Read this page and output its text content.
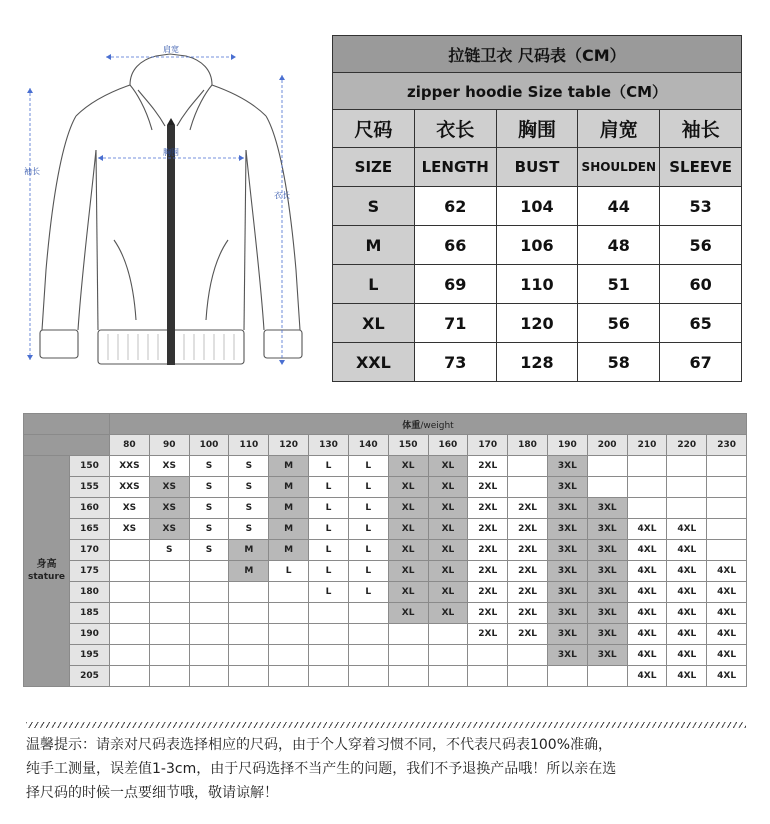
肩宽
胸围
袖长
衣长
拉链卫衣 尺码表（CM）				
zipper hoodie Size table（CM）				
尺码	衣长	胸围	肩宽	袖长
SIZE	LENGTH	BUST	SHOULDEN	SLEEVE
S	62	104	44	53
M	66	106	48	56
L	69	110	51	60
XL	71	120	56	65
XXL	73	128	58	67
		体重/weight															
		80	90	100	110	120	130	140	150	160	170	180	190	200	210	220	230

身高
stature	150	XXS	XS	S	S	M	L	L	XL	XL	2XL		3XL				
	155	XXS	XS	S	S	M	L	L	XL	XL	2XL		3XL				
	160	XS	XS	S	S	M	L	L	XL	XL	2XL	2XL	3XL	3XL			
	165	XS	XS	S	S	M	L	L	XL	XL	2XL	2XL	3XL	3XL	4XL	4XL	
	170		S	S	M	M	L	L	XL	XL	2XL	2XL	3XL	3XL	4XL	4XL	
	175				M	L	L	L	XL	XL	2XL	2XL	3XL	3XL	4XL	4XL	4XL
	180						L	L	XL	XL	2XL	2XL	3XL	3XL	4XL	4XL	4XL
	185								XL	XL	2XL	2XL	3XL	3XL	4XL	4XL	4XL
	190										2XL	2XL	3XL	3XL	4XL	4XL	4XL
	195												3XL	3XL	4XL	4XL	4XL
	205														4XL	4XL	4XL
温馨提示：请亲对尺码表选择相应的尺码，由于个人穿着习惯不同，不代表尺码表100%准确，
纯手工测量，误差值1-3cm，由于尺码选择不当产生的问题，我们不予退换产品哦！所以亲在选
择尺码的时候一点要细节哦，敬请谅解！
